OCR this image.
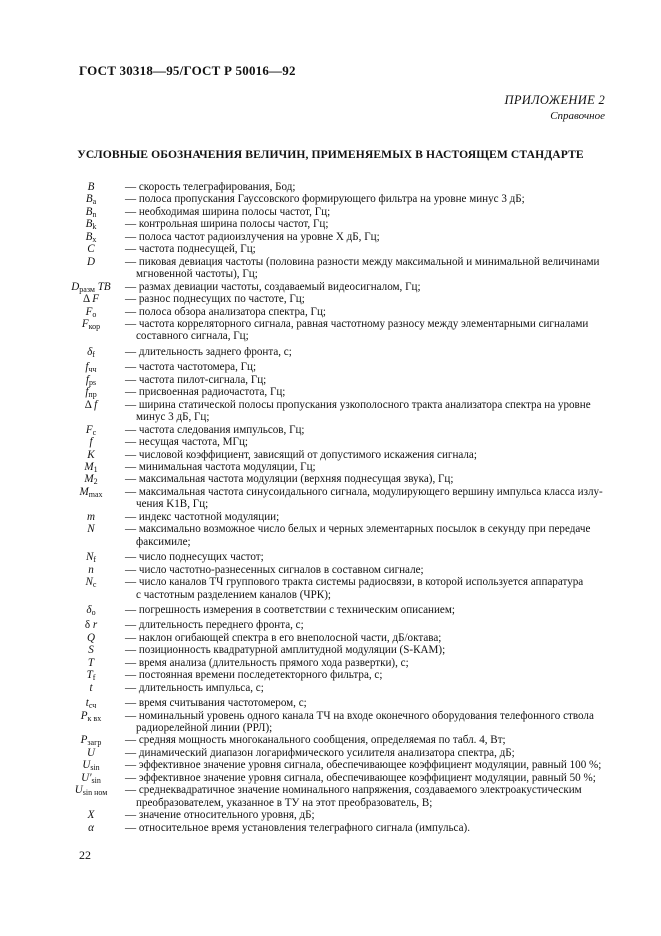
ГОСТ 30318—95/ГОСТ Р 50016—92
ПРИЛОЖЕНИЕ 2
Справочное
УСЛОВНЫЕ ОБОЗНАЧЕНИЯ ВЕЛИЧИН, ПРИМЕНЯЕМЫХ В НАСТОЯЩЕМ СТАНДАРТЕ
B	— скорость телеграфирования, Бод;
$B_a$	— полоса пропускания Гауссовского формирующего фильтра на уровне минус 3 дБ;
$B_n$	— необходимая ширина полосы частот, Гц;
$B_k$	— контрольная ширина полосы частот, Гц;
$B_x$	— полоса частот радиоизлучения на уровне X дБ, Гц;
C	— частота поднесущей, Гц;
D	— пиковая девиация частоты (половина разности между максимальной и минимальной величинами
мгновенной частоты), Гц;
$D_{разм}$ TB	— размах девиации частоты, создаваемый видеосигналом, Гц;
Δ F	— разнос поднесущих по частоте, Гц;
$F_o$	— полоса обзора анализатора спектра, Гц;
$F_{кор}$	— частота корреляторного сигнала, равная частотному разносу между элементарными сигналами
составного сигнала, Гц;
$\delta_f$	— длительность заднего фронта, с;
$f_{чч}$	— частота частотомера, Гц;
$f_{ps}$	— частота пилот-сигнала, Гц;
$f_{пр}$	— присвоенная радиочастота, Гц;
Δ f	— ширина статической полосы пропускания узкополосного тракта анализатора спектра на уровне
минус 3 дБ, Гц;
$F_c$	— частота следования импульсов, Гц;
f	— несущая частота, МГц;
K	— числовой коэффициент, зависящий от допустимого искажения сигнала;
$M_1$	— минимальная частота модуляции, Гц;
$M_2$	— максимальная частота модуляции (верхняя поднесущая звука), Гц;
$M_{max}$	— максимальная частота синусоидального сигнала, модулирующего вершину импульса класса излу-
чения K1B, Гц;
m	— индекс частотной модуляции;
N	— максимально возможное число белых и черных элементарных посылок в секунду при передаче
факсимиле;
$N_f$	— число поднесущих частот;
n	— число частотно-разнесенных сигналов в составном сигнале;
$N_c$	— число каналов ТЧ группового тракта системы радиосвязи, в которой используется аппаратура
с частотным разделением каналов (ЧРК);
$\delta_o$	— погрешность измерения в соответствии с техническим описанием;
δ r	— длительность переднего фронта, с;
Q	— наклон огибающей спектра в его внеполосной части, дБ/октава;
S	— позиционность квадратурной амплитудной модуляции (S-КАМ);
T	— время анализа (длительность прямого хода развертки), с;
$T_f$	— постоянная времени последетекторного фильтра, с;
t	— длительность импульса, с;
$t_{сч}$	— время считывания частотомером, с;
$P_{к вх}$	— номинальный уровень одного канала ТЧ на входе оконечного оборудования телефонного ствола
радиорелейной линии (РРЛ);
$P_{загр}$	— средняя мощность многоканального сообщения, определяемая по табл. 4, Вт;
U	— динамический диапазон логарифмического усилителя анализатора спектра, дБ;
$U_{sin}$	— эффективное значение уровня сигнала, обеспечивающее коэффициент модуляции, равный 100 %;
$U'_{sin}$	— эффективное значение уровня сигнала, обеспечивающее коэффициент модуляции, равный 50 %;
$U_{sin ном}$	— среднеквадратичное значение номинального напряжения, создаваемого электроакустическим
преобразователем, указанное в ТУ на этот преобразователь, В;
X	— значение относительного уровня, дБ;
α	— относительное время установления телеграфного сигнала (импульса).
22
